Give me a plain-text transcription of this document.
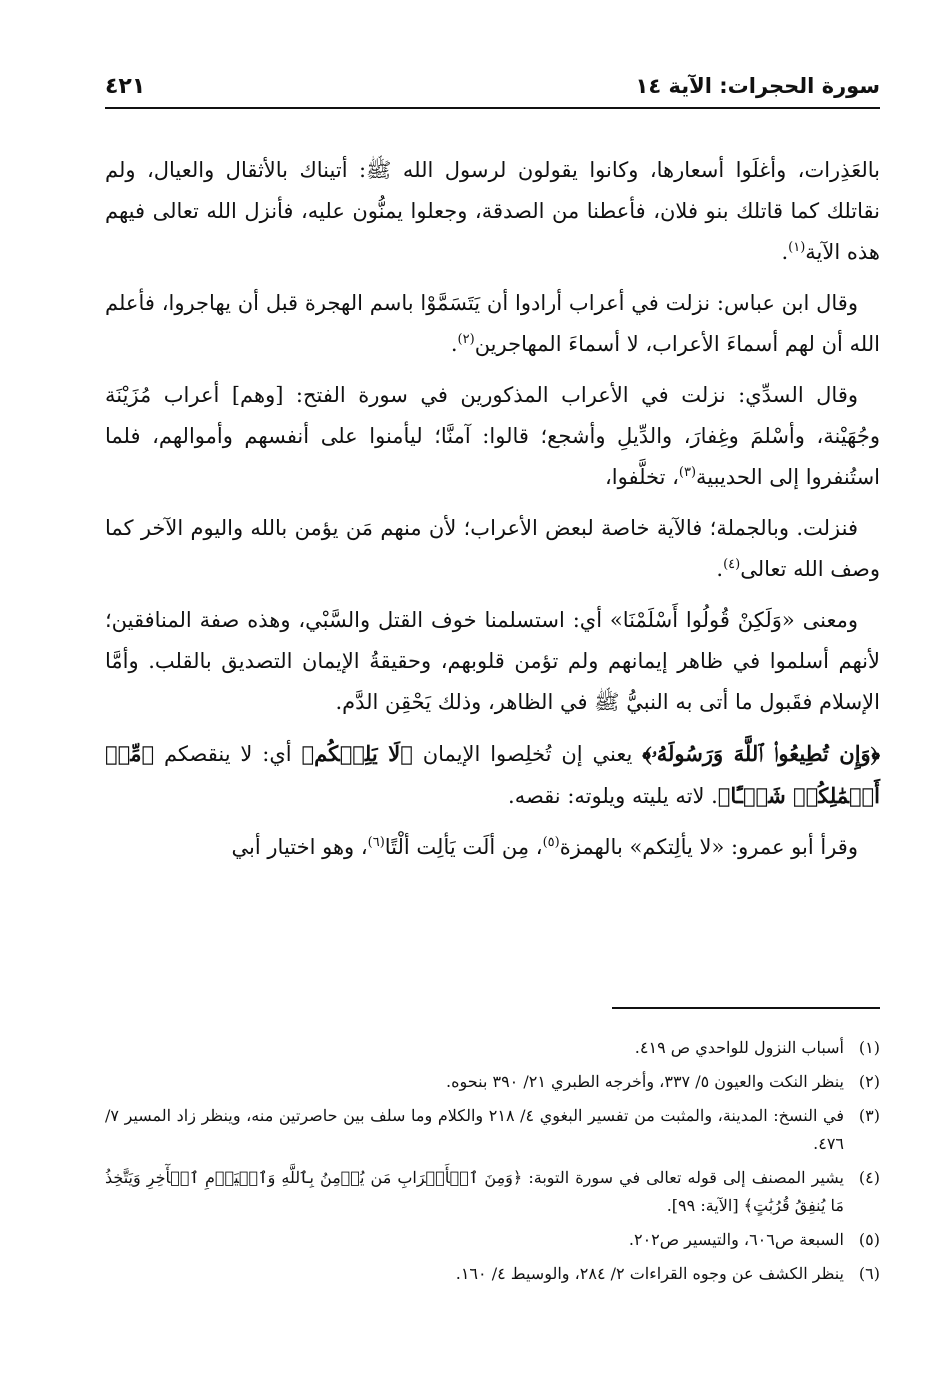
سورة الحجرات: الآية ١٤
٤٢١

بالعَذِرات، وأغلَوا أسعارها، وكانوا يقولون لرسول الله ﷺ: أتيناك بالأثقال والعيال، ولم نقاتلك كما قاتلك بنو فلان، فأعطنا من الصدقة، وجعلوا يمنُّون عليه، فأنزل الله تعالى فيهم هذه الآية$^{(١)}$.

وقال ابن عباس: نزلت في أعراب أرادوا أن يَتَسَمَّوْا باسم الهجرة قبل أن يهاجروا، فأعلم الله أن لهم أسماءَ الأعراب، لا أسماءَ المهاجرين$^{(٢)}$.

وقال السدِّي: نزلت في الأعراب المذكورين في سورة الفتح: [وهم] أعراب مُزَيْنَة وجُهَيْنة، وأسْلمَ وغِفارَ، والدِّيلِ وأشجع؛ قالوا: آمنَّا؛ ليأمنوا على أنفسهم وأموالهم، فلما استُنفروا إلى الحديبية$^{(٣)}$، تخلَّفوا،

فنزلت. وبالجملة؛ فالآية خاصة لبعض الأعراب؛ لأن منهم مَن يؤمن بالله واليوم الآخر كما وصف الله تعالى$^{(٤)}$.

ومعنى «وَلَكِنْ قُولُوا أَسْلَمْنَا» أي: استسلمنا خوف القتل والسَّبْي، وهذه صفة المنافقين؛ لأنهم أسلموا في ظاهر إيمانهم ولم تؤمن قلوبهم، وحقيقةُ الإيمان التصديق بالقلب. وأمَّا الإسلام فقَبول ما أتى به النبيُّ ﷺ في الظاهر، وذلك يَحْقِن الدَّم.

﴿وَإِن تُطِيعُوا۟ ٱللَّهَ وَرَسُولَهُۥ﴾ يعني إن تُخلِصوا الإيمان ﴿لَا يَلِتۡكُم﴾ أي: لا ينقصكم ﴿مِّنۡ أَعۡمَٰلِكُمۡ شَيۡـًٔا﴾. لاته يليته ويلوته: نقصه.

وقرأ أبو عمرو: «لا يألِتكم» بالهمزة$^{(٥)}$، مِن ألَت يَألِت ألْتًا$^{(٦)}$، وهو اختيار أبي

(١)
أسباب النزول للواحدي ص ٤١٩.

(٢)
ينظر النكت والعيون ٥/ ٣٣٧، وأخرجه الطبري ٢١/ ٣٩٠ بنحوه.

(٣)
في النسخ: المدينة، والمثبت من تفسير البغوي ٤/ ٢١٨ والكلام وما سلف بين حاصرتين منه، وينظر زاد المسير ٧/ ٤٧٦.

(٤)
يشير المصنف إلى قوله تعالى في سورة التوبة: ﴿وَمِنَ ٱلۡأَعۡرَابِ مَن يُؤۡمِنُ بِٱللَّهِ وَٱلۡيَوۡمِ ٱلۡأٓخِرِ وَيَتَّخِذُ مَا يُنفِقُ قُرُبَٰتٍ﴾ [الآية: ٩٩].

(٥)
السبعة ص٦٠٦، والتيسير ص٢٠٢.

(٦)
ينظر الكشف عن وجوه القراءات ٢/ ٢٨٤، والوسيط ٤/ ١٦٠.
